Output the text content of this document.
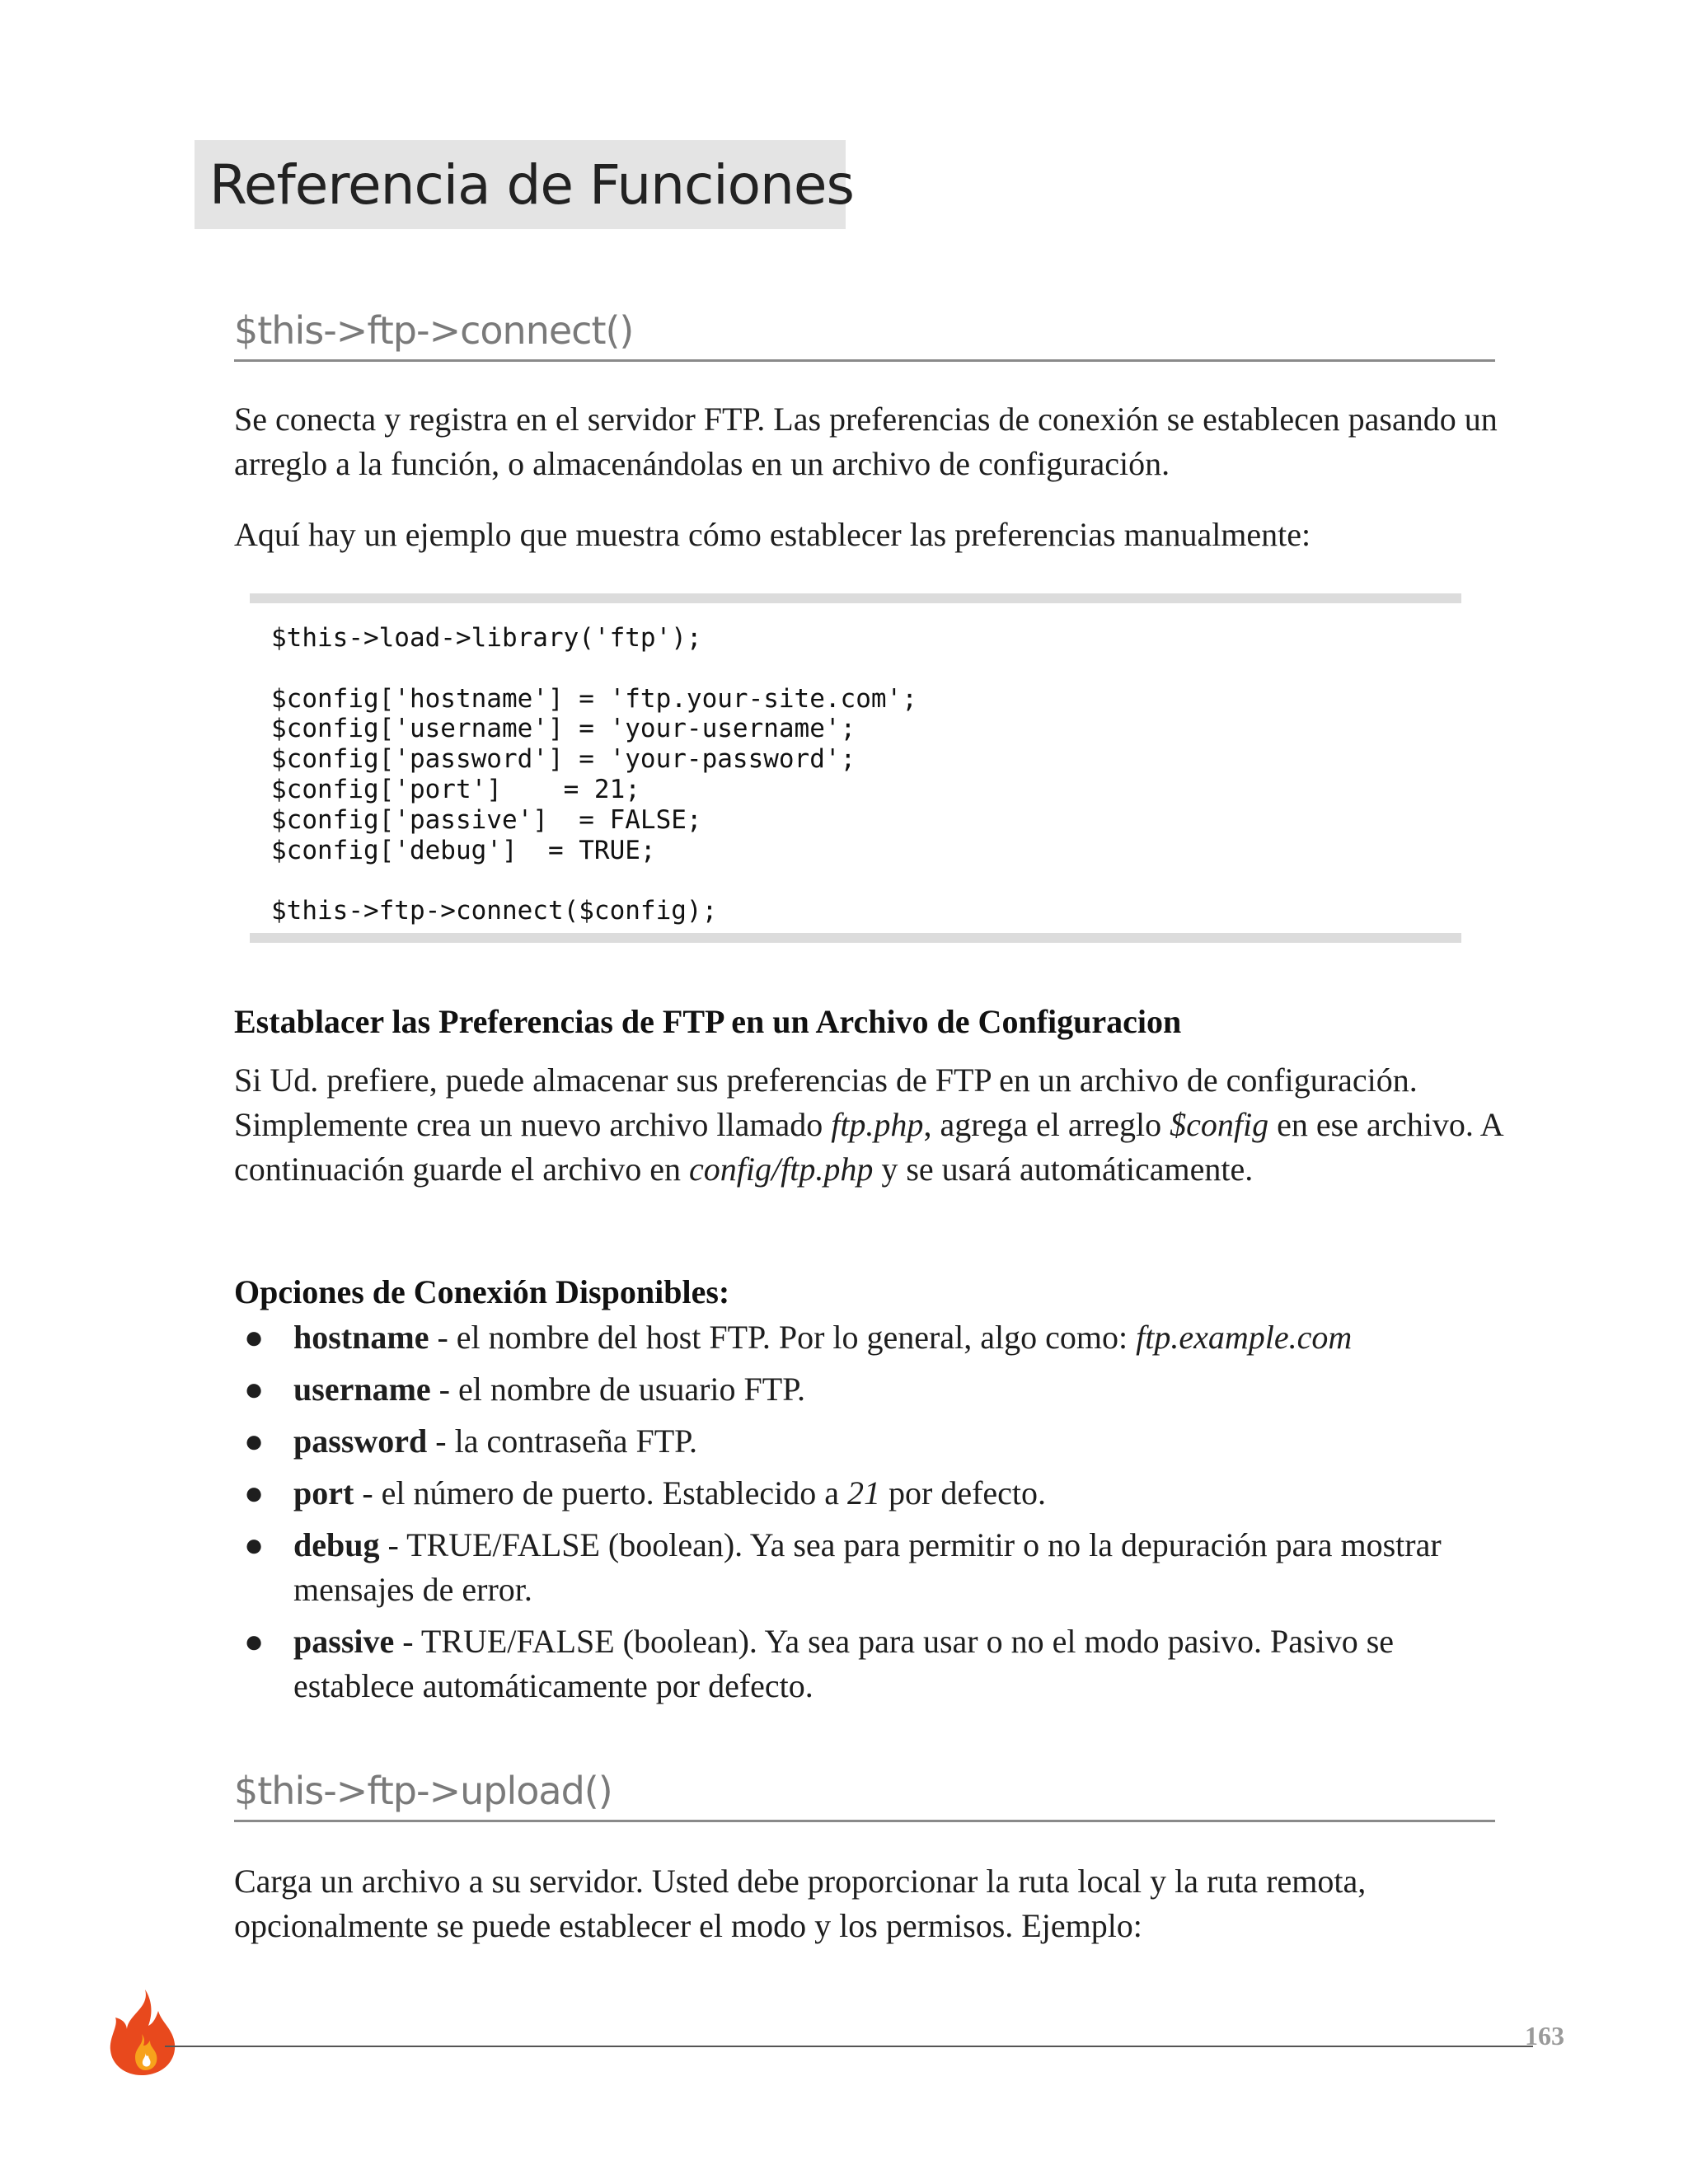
Referencia de Funciones
$this->ftp->connect()
Se conecta y registra en el servidor FTP. Las preferencias de conexión se establecen pasando un arreglo a la función, o almacenándolas en un archivo de configuración.
Aquí hay un ejemplo que muestra cómo establecer las preferencias manualmente:
$this->load->library('ftp');

$config['hostname'] = 'ftp.your-site.com';
$config['username'] = 'your-username';
$config['password'] = 'your-password';
$config['port']    = 21;
$config['passive']  = FALSE;
$config['debug']  = TRUE;

$this->ftp->connect($config);
Establacer las Preferencias de FTP en un Archivo de Configuracion
Si Ud. prefiere, puede almacenar sus preferencias de FTP en un archivo de configuración. Simplemente crea un nuevo archivo llamado ftp.php, agrega el arreglo $config en ese archivo. A continuación guarde el archivo en config/ftp.php y se usará automáticamente.
Opciones de Conexión Disponibles:
● hostname - el nombre del host FTP. Por lo general, algo como: ftp.example.com
● username - el nombre de usuario FTP.
● password - la contraseña FTP.
● port - el número de puerto. Establecido a 21 por defecto.
● debug - TRUE/FALSE (boolean). Ya sea para permitir o no la depuración para mostrar mensajes de error.
● passive - TRUE/FALSE (boolean). Ya sea para usar o no el modo pasivo. Pasivo se establece automáticamente por defecto.
$this->ftp->upload()
Carga un archivo a su servidor. Usted debe proporcionar la ruta local y la ruta remota, opcionalmente se puede establecer el modo y los permisos. Ejemplo:
163
